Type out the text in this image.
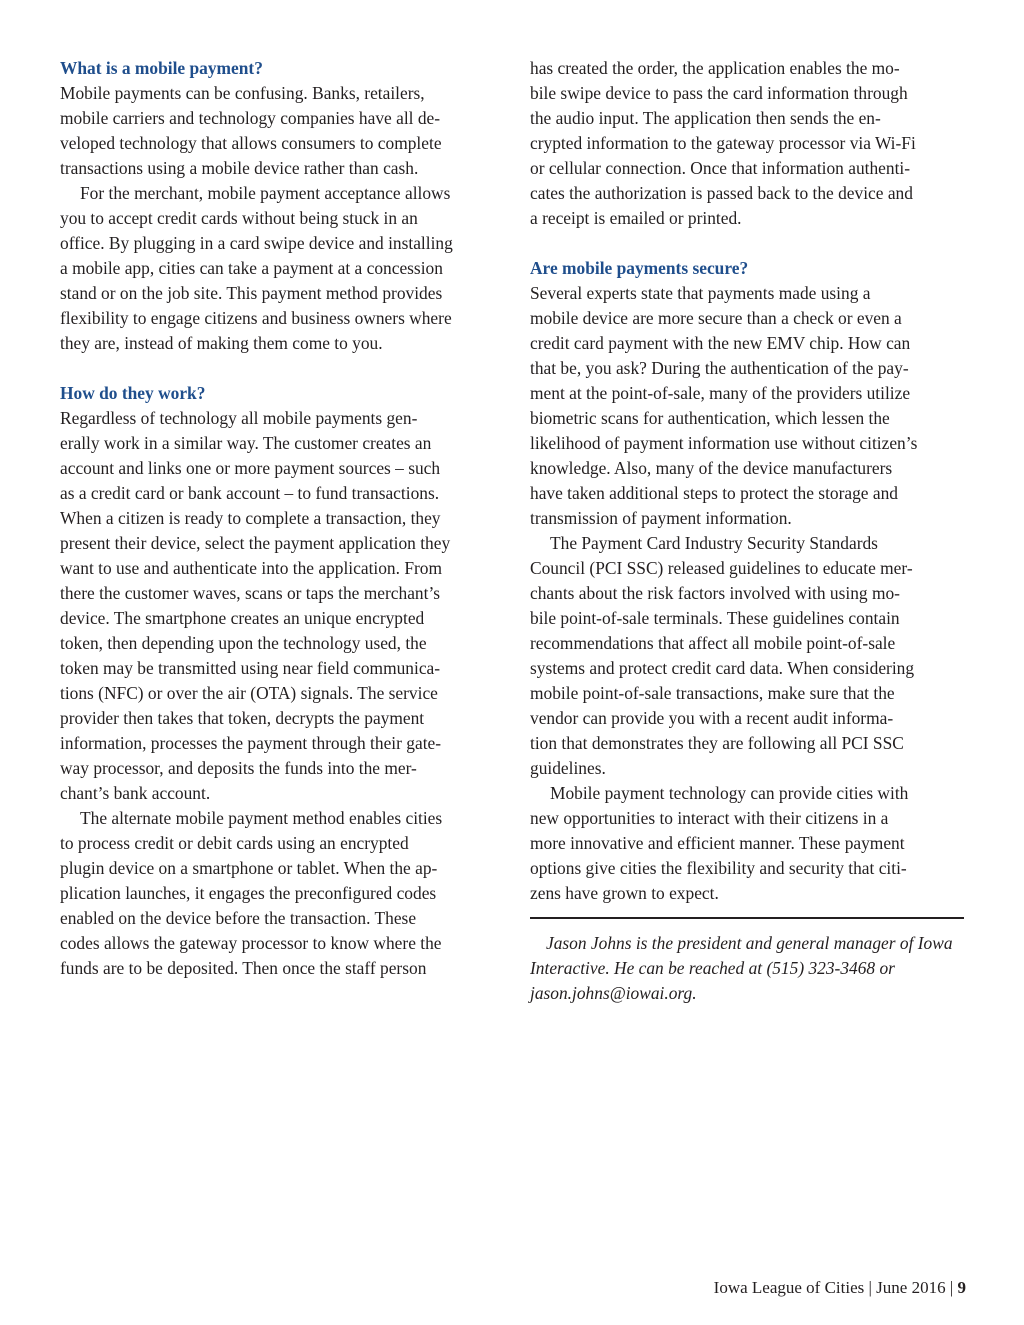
What is a mobile payment?
Mobile payments can be confusing. Banks, retailers,
mobile carriers and technology companies have all de-
veloped technology that allows consumers to complete
transactions using a mobile device rather than cash.
For the merchant, mobile payment acceptance allows
you to accept credit cards without being stuck in an
office. By plugging in a card swipe device and installing
a mobile app, cities can take a payment at a concession
stand or on the job site. This payment method provides
flexibility to engage citizens and business owners where
they are, instead of making them come to you.
How do they work?
Regardless of technology all mobile payments gen-
erally work in a similar way. The customer creates an
account and links one or more payment sources – such
as a credit card or bank account – to fund transactions.
When a citizen is ready to complete a transaction, they
present their device, select the payment application they
want to use and authenticate into the application. From
there the customer waves, scans or taps the merchant’s
device. The smartphone creates an unique encrypted
token, then depending upon the technology used, the
token may be transmitted using near field communica-
tions (NFC) or over the air (OTA) signals. The service
provider then takes that token, decrypts the payment
information, processes the payment through their gate-
way processor, and deposits the funds into the mer-
chant’s bank account.
The alternate mobile payment method enables cities
to process credit or debit cards using an encrypted
plugin device on a smartphone or tablet. When the ap-
plication launches, it engages the preconfigured codes
enabled on the device before the transaction. These
codes allows the gateway processor to know where the
funds are to be deposited. Then once the staff person
has created the order, the application enables the mo-
bile swipe device to pass the card information through
the audio input. The application then sends the en-
crypted information to the gateway processor via Wi-Fi
or cellular connection. Once that information authenti-
cates the authorization is passed back to the device and
a receipt is emailed or printed.
Are mobile payments secure?
Several experts state that payments made using a
mobile device are more secure than a check or even a
credit card payment with the new EMV chip. How can
that be, you ask? During the authentication of the pay-
ment at the point-of-sale, many of the providers utilize
biometric scans for authentication, which lessen the
likelihood of payment information use without citizen’s
knowledge. Also, many of the device manufacturers
have taken additional steps to protect the storage and
transmission of payment information.
The Payment Card Industry Security Standards
Council (PCI SSC) released guidelines to educate mer-
chants about the risk factors involved with using mo-
bile point-of-sale terminals. These guidelines contain
recommendations that affect all mobile point-of-sale
systems and protect credit card data. When considering
mobile point-of-sale transactions, make sure that the
vendor can provide you with a recent audit informa-
tion that demonstrates they are following all PCI SSC
guidelines.
Mobile payment technology can provide cities with
new opportunities to interact with their citizens in a
more innovative and efficient manner. These payment
options give cities the flexibility and security that citi-
zens have grown to expect.
Jason Johns is the president and general manager of Iowa
Interactive. He can be reached at (515) 323-3468 or
jason.johns@iowai.org.
Iowa League of Cities | June 2016 | 9
